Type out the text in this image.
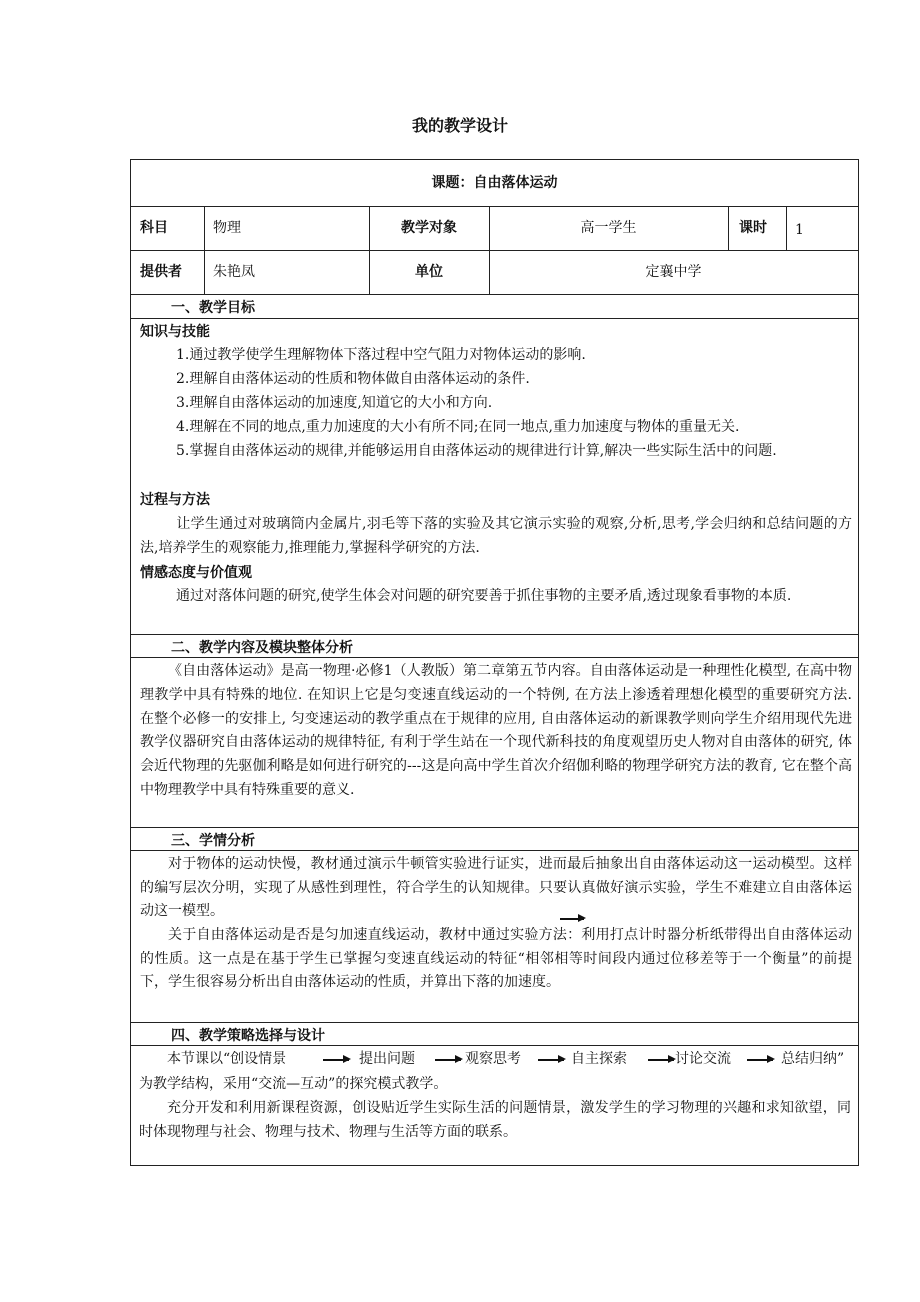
我的教学设计
课题：自由落体运动
科目	物理	教学对象	高一学生	课时 1
提供者 朱艳凤	单位	定襄中学
一、教学目标
知识与技能
1.通过教学使学生理解物体下落过程中空气阻力对物体运动的影响.
2.理解自由落体运动的性质和物体做自由落体运动的条件.
3.理解自由落体运动的加速度,知道它的大小和方向.
4.理解在不同的地点,重力加速度的大小有所不同;在同一地点,重力加速度与物体的重量无关.
5.掌握自由落体运动的规律,并能够运用自由落体运动的规律进行计算,解决一些实际生活中的问题.
过程与方法
让学生通过对玻璃筒内金属片,羽毛等下落的实验及其它演示实验的观察,分析,思考,学会归纳和总结问题的方法,培养学生的观察能力,推理能力,掌握科学研究的方法.
情感态度与价值观
通过对落体问题的研究,使学生体会对问题的研究要善于抓住事物的主要矛盾,透过现象看事物的本质.
二、教学内容及模块整体分析
《自由落体运动》是高一物理·必修1（人教版）第二章第五节内容。自由落体运动是一种理性化模型, 在高中物理教学中具有特殊的地位. 在知识上它是匀变速直线运动的一个特例, 在方法上渗透着理想化模型的重要研究方法. 在整个必修一的安排上, 匀变速运动的教学重点在于规律的应用, 自由落体运动的新课教学则向学生介绍用现代先进教学仪器研究自由落体运动的规律特征, 有利于学生站在一个现代新科技的角度观望历史人物对自由落体的研究, 体会近代物理的先驱伽利略是如何进行研究的---这是向高中学生首次介绍伽利略的物理学研究方法的教育, 它在整个高中物理教学中具有特殊重要的意义.
三、学情分析
对于物体的运动快慢，教材通过演示牛顿管实验进行证实，进而最后抽象出自由落体运动这一运动模型。这样的编写层次分明，实现了从感性到理性，符合学生的认知规律。只要认真做好演示实验，学生不难建立自由落体运动这一模型。
关于自由落体运动是否是匀加速直线运动，教材中通过实验方法：利用打点计时器分析纸带得出自由落体运动的性质。这一点是在基于学生已掌握匀变速直线运动的特征“相邻相等时间段内通过位移差等于一个衡量”的前提下，学生很容易分析出自由落体运动的性质，并算出下落的加速度。
四、教学策略选择与设计
本节课以“创设情景	提出问题	观察思考	自主探索	讨论交流	总结归纳”
为教学结构，采用“交流—互动”的探究模式教学。
充分开发和利用新课程资源，创设贴近学生实际生活的问题情景，激发学生的学习物理的兴趣和求知欲望，同时体现物理与社会、物理与技术、物理与生活等方面的联系。
